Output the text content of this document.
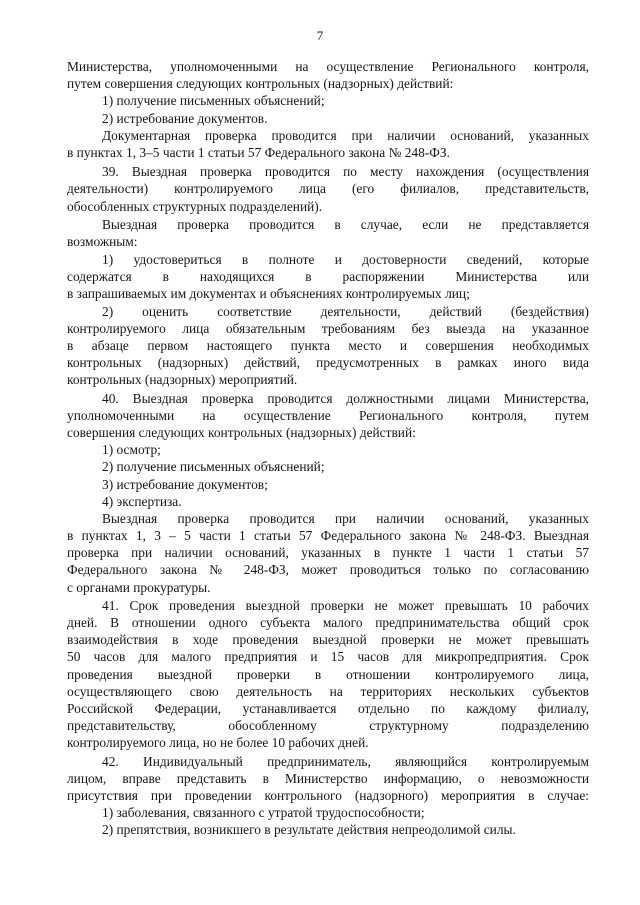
7
Министерства, уполномоченными на осуществление Регионального контроля,
путем совершения следующих контрольных (надзорных) действий:
1) получение письменных объяснений;
2) истребование документов.
Документарная проверка проводится при наличии оснований, указанных
в пунктах 1, 3–5 части 1 статьи 57 Федерального закона № 248-ФЗ.
39. Выездная проверка проводится по месту нахождения (осуществления
деятельности) контролируемого лица (его филиалов, представительств,
обособленных структурных подразделений).
Выездная проверка проводится в случае, если не представляется
возможным:
1) удостовериться в полноте и достоверности сведений, которые
содержатся в находящихся в распоряжении Министерства или
в запрашиваемых им документах и объяснениях контролируемых лиц;
2) оценить соответствие деятельности, действий (бездействия)
контролируемого лица обязательным требованиям без выезда на указанное
в абзаце первом настоящего пункта место и совершения необходимых
контрольных (надзорных) действий, предусмотренных в рамках иного вида
контрольных (надзорных) мероприятий.
40. Выездная проверка проводится должностными лицами Министерства,
уполномоченными на осуществление Регионального контроля, путем
совершения следующих контрольных (надзорных) действий:
1) осмотр;
2) получение письменных объяснений;
3) истребование документов;
4) экспертиза.
Выездная проверка проводится при наличии оснований, указанных
в пунктах 1, 3 – 5 части 1 статьи 57 Федерального закона № 248-ФЗ. Выездная
проверка при наличии оснований, указанных в пункте 1 части 1 статьи 57
Федерального закона № 248-ФЗ, может проводиться только по согласованию
с органами прокуратуры.
41. Срок проведения выездной проверки не может превышать 10 рабочих
дней. В отношении одного субъекта малого предпринимательства общий срок
взаимодействия в ходе проведения выездной проверки не может превышать
50 часов для малого предприятия и 15 часов для микропредприятия. Срок
проведения выездной проверки в отношении контролируемого лица,
осуществляющего свою деятельность на территориях нескольких субъектов
Российской Федерации, устанавливается отдельно по каждому филиалу,
представительству, обособленному структурному подразделению
контролируемого лица, но не более 10 рабочих дней.
42. Индивидуальный предприниматель, являющийся контролируемым
лицом, вправе представить в Министерство информацию, о невозможности
присутствия при проведении контрольного (надзорного) мероприятия в случае:
1) заболевания, связанного с утратой трудоспособности;
2) препятствия, возникшего в результате действия непреодолимой силы.
